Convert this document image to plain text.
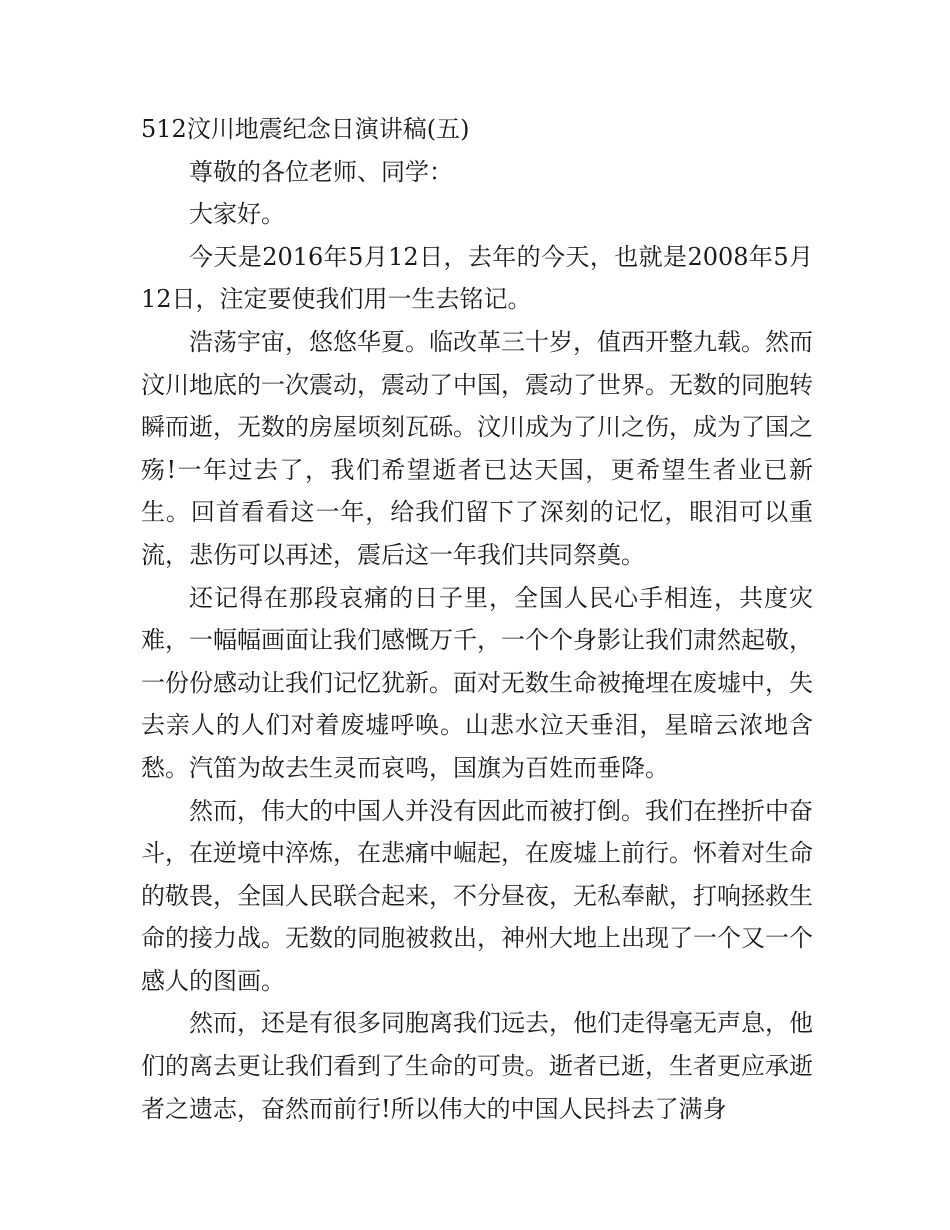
512汶川地震纪念日演讲稿(五)

尊敬的各位老师、同学：

大家好。

今天是2016年5月12日，去年的今天，也就是2008年5月12日，注定要使我们用一生去铭记。

浩荡宇宙，悠悠华夏。临改革三十岁，值西开整九载。然而汶川地底的一次震动，震动了中国，震动了世界。无数的同胞转瞬而逝，无数的房屋顷刻瓦砾。汶川成为了川之伤，成为了国之殇!一年过去了，我们希望逝者已达天国，更希望生者业已新生。回首看看这一年，给我们留下了深刻的记忆，眼泪可以重流，悲伤可以再述，震后这一年我们共同祭奠。

还记得在那段哀痛的日子里，全国人民心手相连，共度灾难，一幅幅画面让我们感慨万千，一个个身影让我们肃然起敬，一份份感动让我们记忆犹新。面对无数生命被掩埋在废墟中，失去亲人的人们对着废墟呼唤。山悲水泣天垂泪，星暗云浓地含愁。汽笛为故去生灵而哀鸣，国旗为百姓而垂降。

然而，伟大的中国人并没有因此而被打倒。我们在挫折中奋斗，在逆境中淬炼，在悲痛中崛起，在废墟上前行。怀着对生命的敬畏，全国人民联合起来，不分昼夜，无私奉献，打响拯救生命的接力战。无数的同胞被救出，神州大地上出现了一个又一个感人的图画。

然而，还是有很多同胞离我们远去，他们走得毫无声息，他们的离去更让我们看到了生命的可贵。逝者已逝，生者更应承逝者之遗志，奋然而前行!所以伟大的中国人民抖去了满身
